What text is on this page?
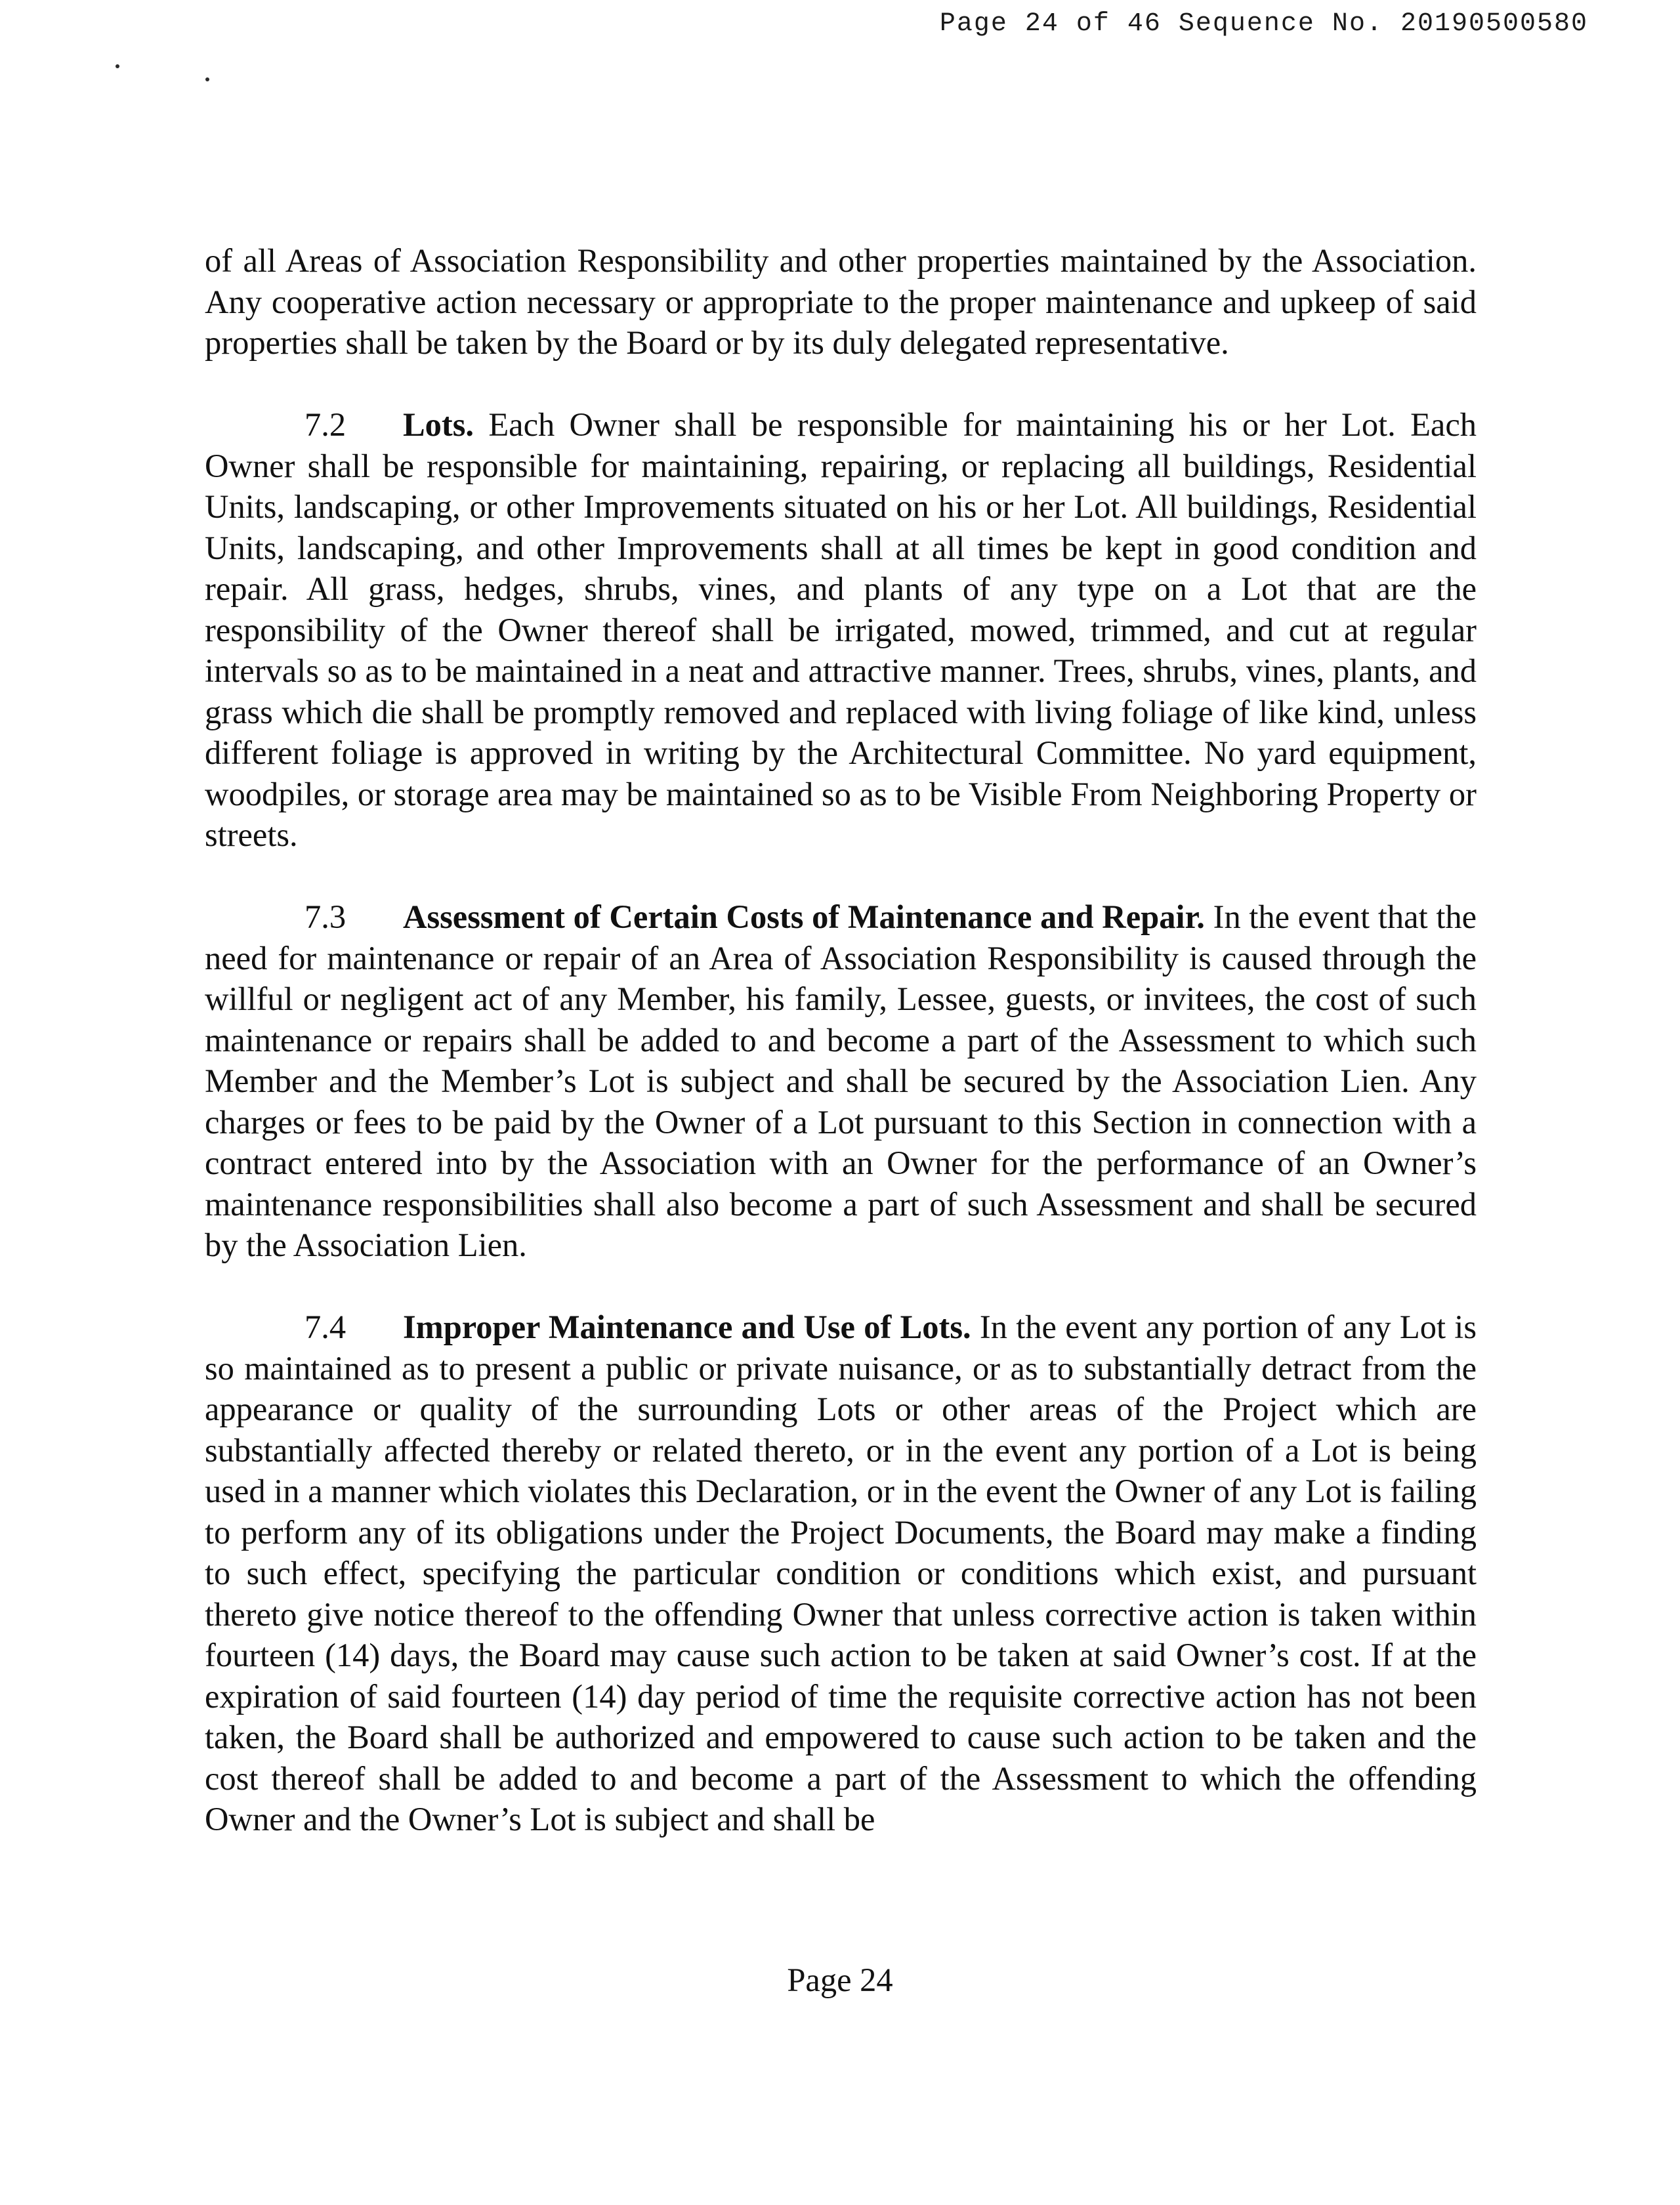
Page 24 of 46 Sequence No. 20190500580

of all Areas of Association Responsibility and other properties maintained by the Association. Any cooperative action necessary or appropriate to the proper maintenance and upkeep of said properties shall be taken by the Board or by its duly delegated representative.

7.2 Lots. Each Owner shall be responsible for maintaining his or her Lot. Each Owner shall be responsible for maintaining, repairing, or replacing all buildings, Residential Units, landscaping, or other Improvements situated on his or her Lot. All buildings, Residential Units, landscaping, and other Improvements shall at all times be kept in good condition and repair. All grass, hedges, shrubs, vines, and plants of any type on a Lot that are the responsibility of the Owner thereof shall be irrigated, mowed, trimmed, and cut at regular intervals so as to be maintained in a neat and attractive manner. Trees, shrubs, vines, plants, and grass which die shall be promptly removed and replaced with living foliage of like kind, unless different foliage is approved in writing by the Architectural Committee. No yard equipment, woodpiles, or storage area may be maintained so as to be Visible From Neighboring Property or streets.

7.3 Assessment of Certain Costs of Maintenance and Repair. In the event that the need for maintenance or repair of an Area of Association Responsibility is caused through the willful or negligent act of any Member, his family, Lessee, guests, or invitees, the cost of such maintenance or repairs shall be added to and become a part of the Assessment to which such Member and the Member’s Lot is subject and shall be secured by the Association Lien. Any charges or fees to be paid by the Owner of a Lot pursuant to this Section in connection with a contract entered into by the Association with an Owner for the performance of an Owner’s maintenance responsibilities shall also become a part of such Assessment and shall be secured by the Association Lien.

7.4 Improper Maintenance and Use of Lots. In the event any portion of any Lot is so maintained as to present a public or private nuisance, or as to substantially detract from the appearance or quality of the surrounding Lots or other areas of the Project which are substantially affected thereby or related thereto, or in the event any portion of a Lot is being used in a manner which violates this Declaration, or in the event the Owner of any Lot is failing to perform any of its obligations under the Project Documents, the Board may make a finding to such effect, specifying the particular condition or conditions which exist, and pursuant thereto give notice thereof to the offending Owner that unless corrective action is taken within fourteen (14) days, the Board may cause such action to be taken at said Owner’s cost. If at the expiration of said fourteen (14) day period of time the requisite corrective action has not been taken, the Board shall be authorized and empowered to cause such action to be taken and the cost thereof shall be added to and become a part of the Assessment to which the offending Owner and the Owner’s Lot is subject and shall be

Page 24
